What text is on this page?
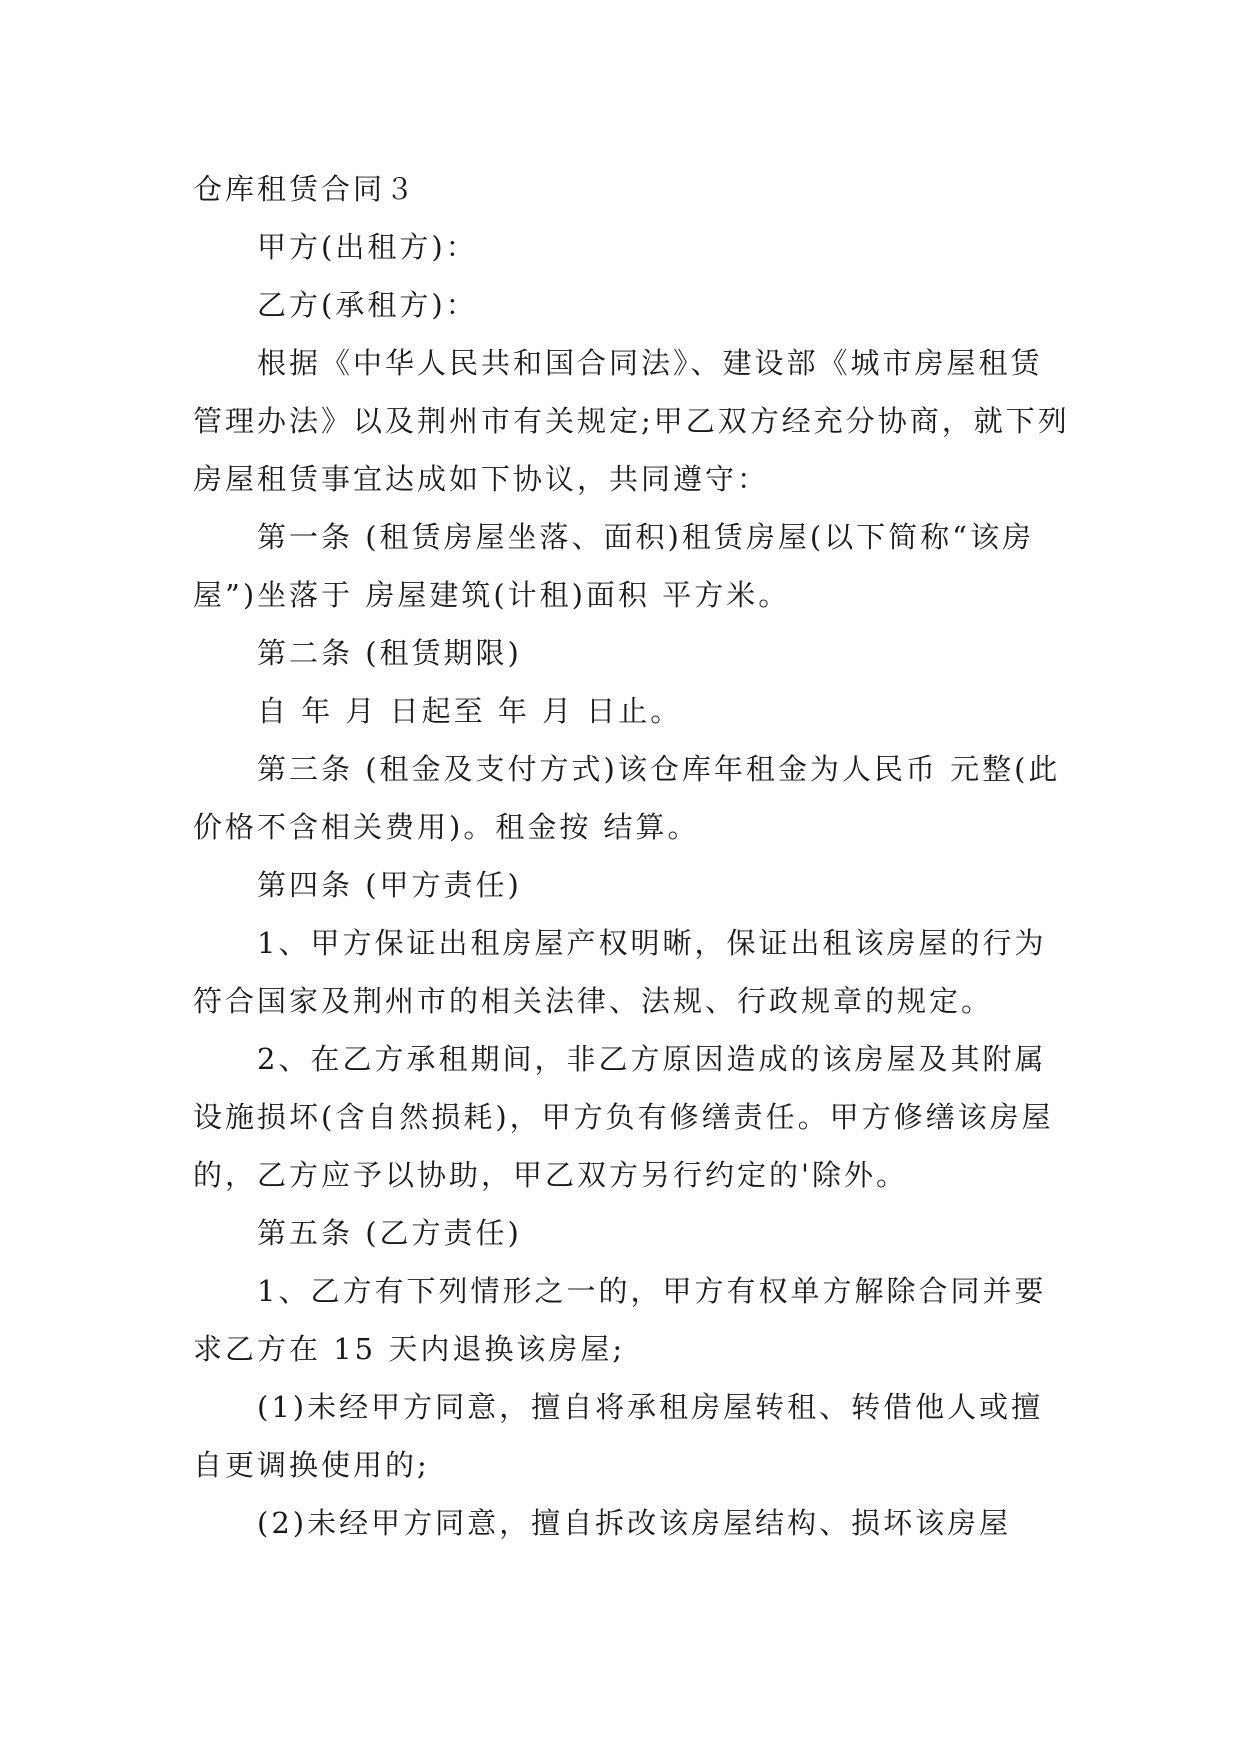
仓库租赁合同３

甲方(出租方)：

乙方(承租方)：

根据《中华人民共和国合同法》、建设部《城市房屋租赁管理办法》以及荆州市有关规定;甲乙双方经充分协商，就下列房屋租赁事宜达成如下协议，共同遵守：

第一条 (租赁房屋坐落、面积)租赁房屋(以下简称“该房屋”)坐落于 房屋建筑(计租)面积 平方米。

第二条 (租赁期限)

自 年 月 日起至 年 月 日止。

第三条 (租金及支付方式)该仓库年租金为人民币 元整(此价格不含相关费用)。租金按 结算。

第四条 (甲方责任)

1、甲方保证出租房屋产权明晰，保证出租该房屋的行为符合国家及荆州市的相关法律、法规、行政规章的规定。

2、在乙方承租期间，非乙方原因造成的该房屋及其附属设施损坏(含自然损耗)，甲方负有修缮责任。甲方修缮该房屋的，乙方应予以协助，甲乙双方另行约定的'除外。

第五条 (乙方责任)

1、乙方有下列情形之一的，甲方有权单方解除合同并要求乙方在 15 天内退换该房屋;

(1)未经甲方同意，擅自将承租房屋转租、转借他人或擅自更调换使用的;

(2)未经甲方同意，擅自拆改该房屋结构、损坏该房屋
